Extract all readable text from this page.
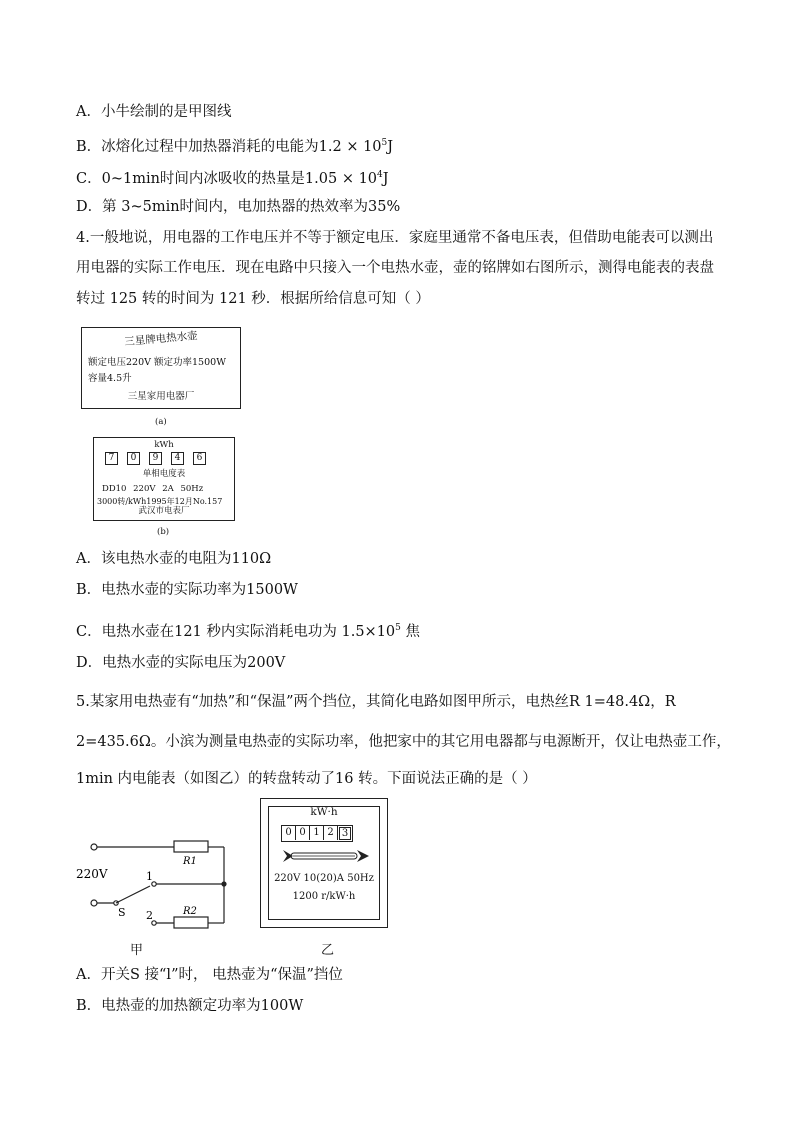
A．小牛绘制的是甲图线
B．冰熔化过程中加热器消耗的电能为$1.2 \times 10^5J$
C．0~1min时间内冰吸收的热量是$1.05 \times 10^4J$
D．第 3~5min时间内，电加热器的热效率为35%
4.一般地说，用电器的工作电压并不等于额定电压．家庭里通常不备电压表，但借助电能表可以测出
用电器的实际工作电压．现在电路中只接入一个电热水壶，壶的铭牌如右图所示，测得电能表的表盘
转过 125 转的时间为 121 秒．根据所给信息可知（ ）
三星牌电热水壶
额定电压220V 额定功率1500W
容量4.5升
三星家用电器厂
(a)
kWh
7	0	9	4	6
单相电度表
DD10 220V 2A 50Hz
3000转/kWh1995年12月No.157
武汉市电表厂
(b)
A．该电热水壶的电阻为110Ω
B．电热水壶的实际功率为1500W
C．电热水壶在121 秒内实际消耗电功为 $1.5\times 10^5$ 焦
D．电热水壶的实际电压为200V
5.某家用电热壶有“加热”和“保温”两个挡位，其简化电路如图甲所示，电热丝R 1=48.4Ω，R
2=435.6Ω。小滨为测量电热壶的实际功率，他把家中的其它用电器都与电源断开，仅让电热壶工作，
1min 内电能表（如图乙）的转盘转动了16 转。下面说法正确的是（ ）
R1
R2
1
2
S
220V
甲
kW·h
0 0 1 2 3
220V 10(20)A 50Hz
1200 r/kW·h
乙
A．开关S 接“l”时， 电热壶为“保温”挡位
B．电热壶的加热额定功率为100W
